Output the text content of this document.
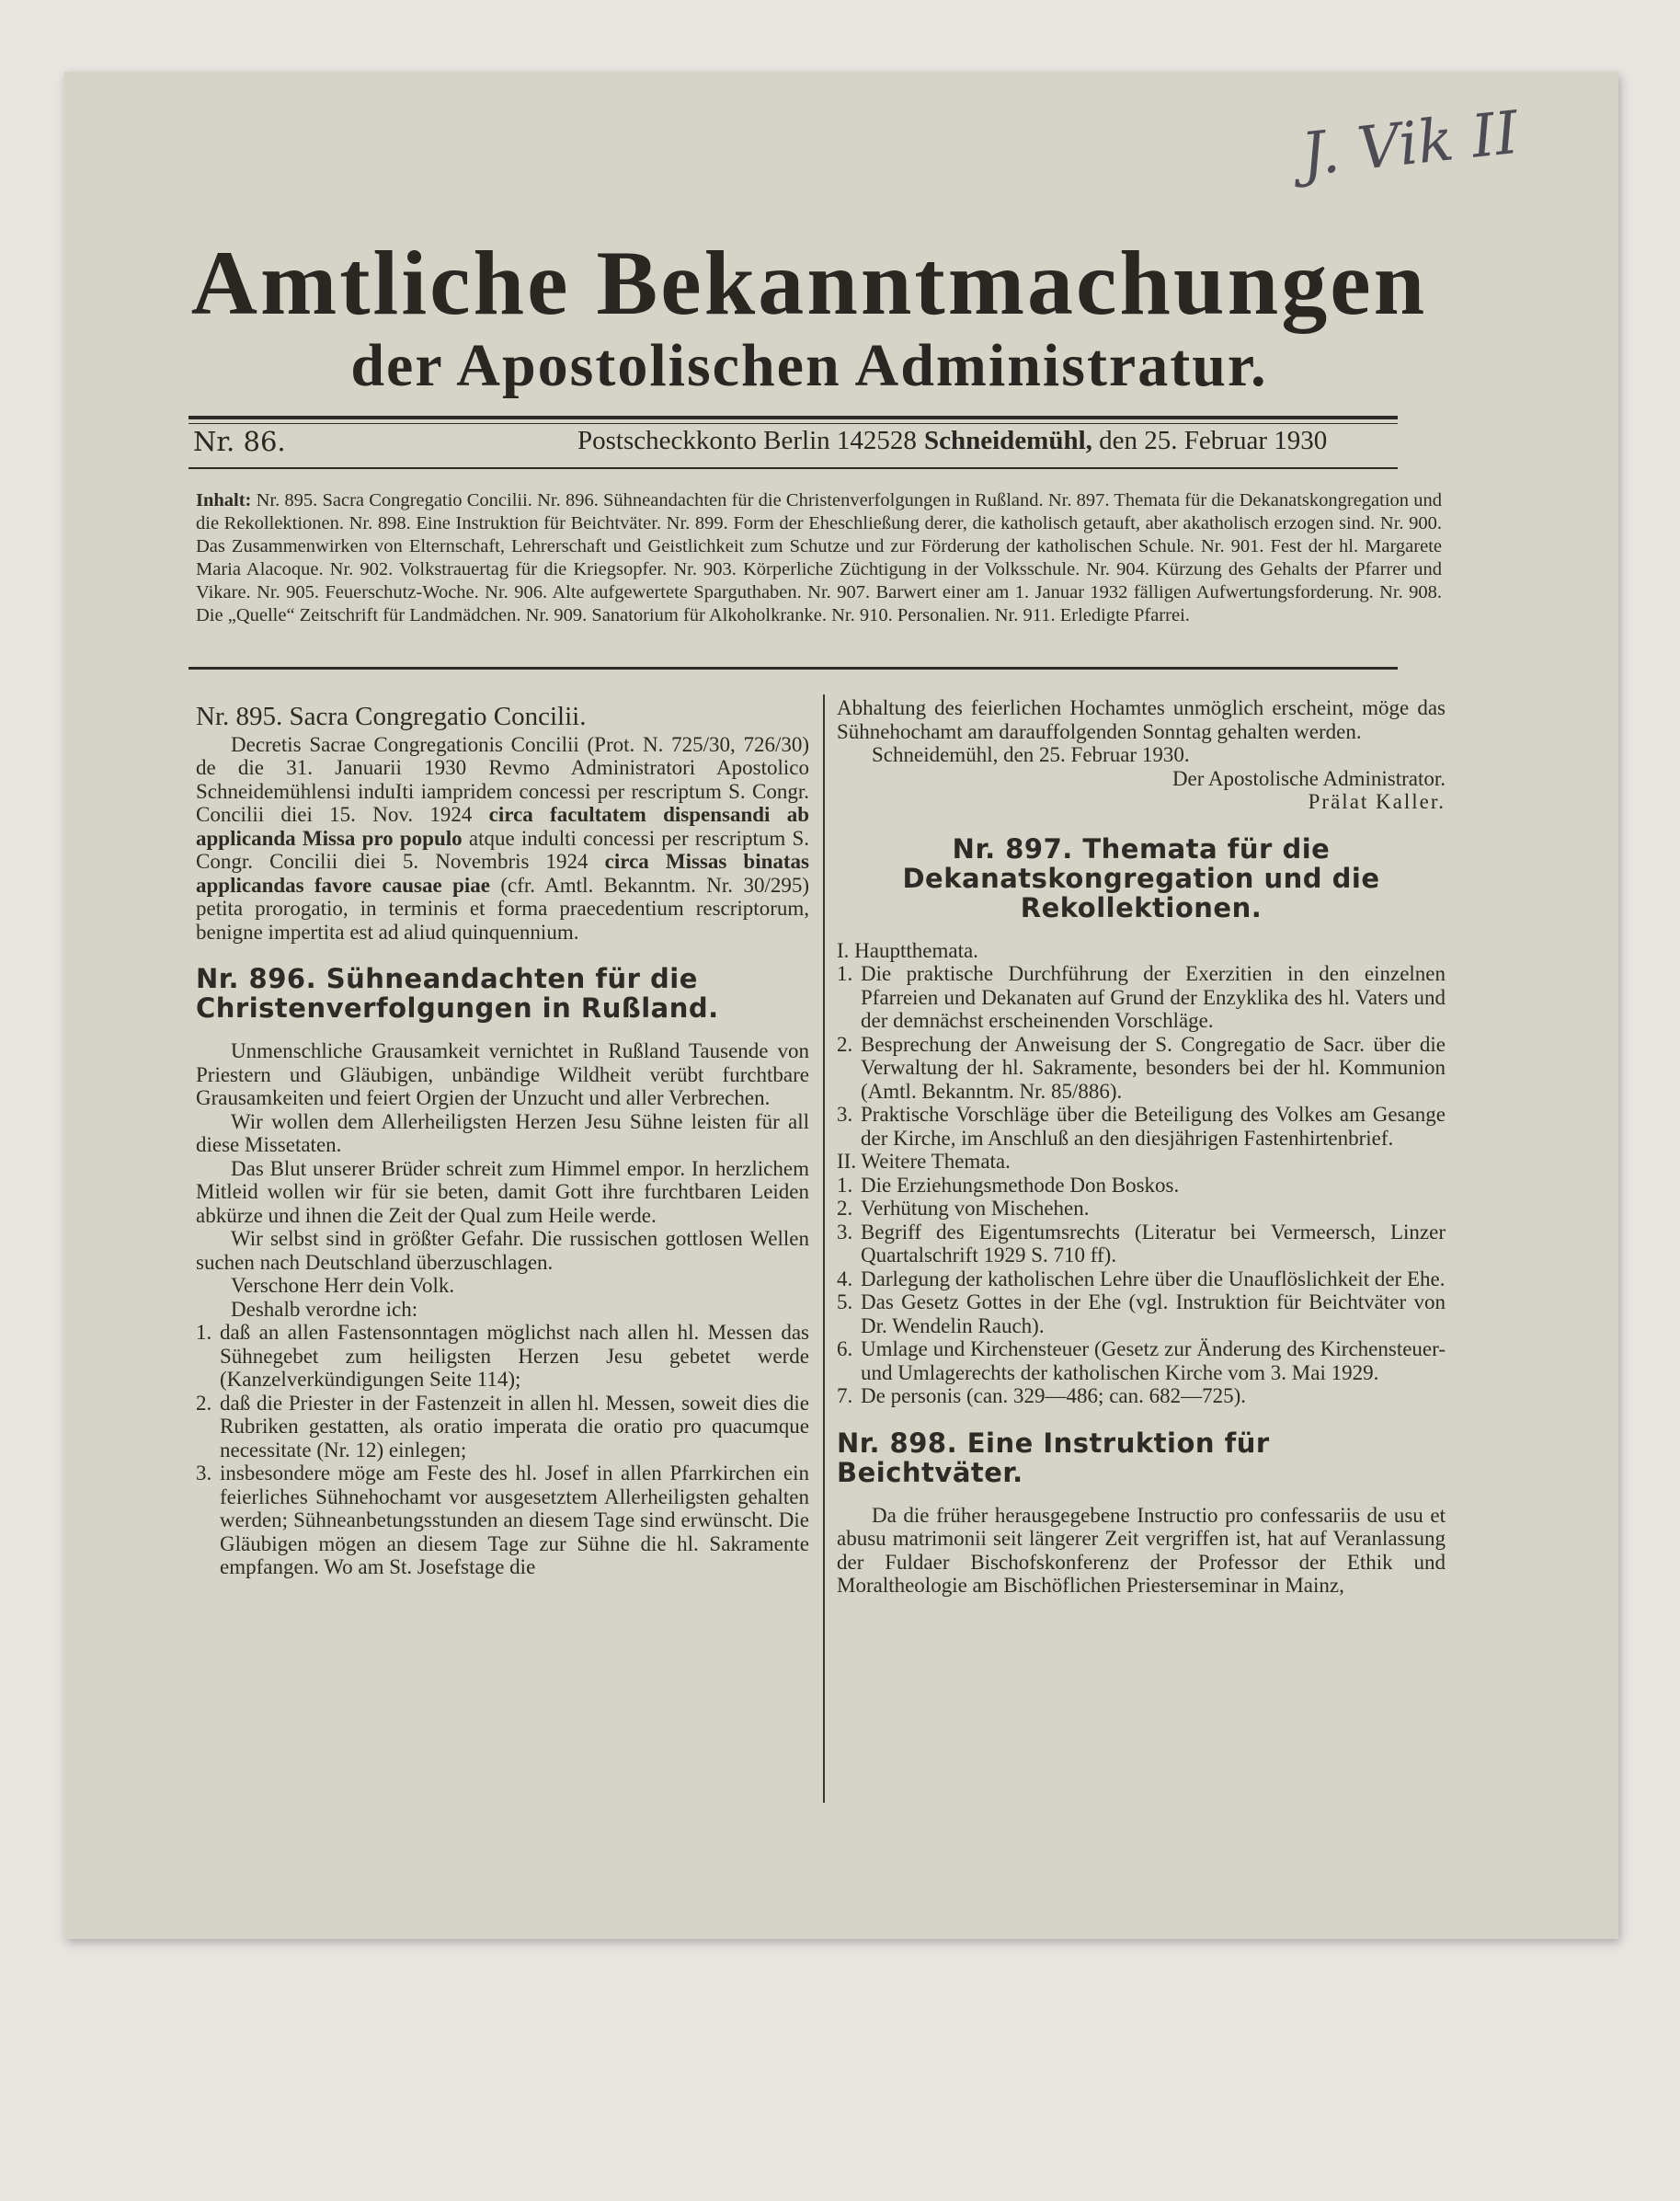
J. Vik II
Amtliche Bekanntmachungen
der Apostolischen Administratur.
Nr. 86.	Postscheckkonto Berlin 142528 Schneidemühl, den 25. Februar 1930
Inhalt: Nr. 895. Sacra Congregatio Concilii. Nr. 896. Sühneandachten für die Christenverfolgungen in Rußland. Nr. 897. Themata für die Dekanatskongregation und die Rekollektionen. Nr. 898. Eine Instruktion für Beichtväter. Nr. 899. Form der Eheschließung derer, die katholisch getauft, aber akatholisch erzogen sind. Nr. 900. Das Zusammenwirken von Elternschaft, Lehrerschaft und Geistlichkeit zum Schutze und zur Förderung der katholischen Schule. Nr. 901. Fest der hl. Margarete Maria Alacoque. Nr. 902. Volkstrauertag für die Kriegsopfer. Nr. 903. Körperliche Züchtigung in der Volksschule. Nr. 904. Kürzung des Gehalts der Pfarrer und Vikare. Nr. 905. Feuerschutz-Woche. Nr. 906. Alte aufgewertete Sparguthaben. Nr. 907. Barwert einer am 1. Januar 1932 fälligen Aufwertungsforderung. Nr. 908. Die „Quelle“ Zeitschrift für Landmädchen. Nr. 909. Sanatorium für Alkoholkranke. Nr. 910. Personalien. Nr. 911. Erledigte Pfarrei.
Nr. 895. Sacra Congregatio Concilii.

Decretis Sacrae Congregationis Concilii (Prot. N. 725/30, 726/30) de die 31. Januarii 1930 Revmo Administratori Apostolico Schneidemühlensi induIti iampridem concessi per rescriptum S. Congr. Concilii diei 15. Nov. 1924 circa facultatem dispensandi ab applicanda Missa pro populo atque indulti concessi per rescriptum S. Congr. Concilii diei 5. Novembris 1924 circa Missas binatas applicandas favore causae piae (cfr. Amtl. Bekanntm. Nr. 30/295) petita prorogatio, in terminis et forma praecedentium rescriptorum, benigne impertita est ad aliud quinquennium.

Nr. 896. Sühneandachten für die Christenverfolgungen in Rußland.

Unmenschliche Grausamkeit vernichtet in Rußland Tausende von Priestern und Gläubigen, unbändige Wildheit verübt furchtbare Grausamkeiten und feiert Orgien der Unzucht und aller Verbrechen.

Wir wollen dem Allerheiligsten Herzen Jesu Sühne leisten für all diese Missetaten.

Das Blut unserer Brüder schreit zum Himmel empor. In herzlichem Mitleid wollen wir für sie beten, damit Gott ihre furchtbaren Leiden abkürze und ihnen die Zeit der Qual zum Heile werde.

Wir selbst sind in größter Gefahr. Die russischen gottlosen Wellen suchen nach Deutschland überzuschlagen.

Verschone Herr dein Volk.

Deshalb verordne ich:

1. daß an allen Fastensonntagen möglichst nach allen hl. Messen das Sühnegebet zum heiligsten Herzen Jesu gebetet werde (Kanzelverkündigungen Seite 114);
2. daß die Priester in der Fastenzeit in allen hl. Messen, soweit dies die Rubriken gestatten, als oratio imperata die oratio pro quacumque necessitate (Nr. 12) einlegen;
3. insbesondere möge am Feste des hl. Josef in allen Pfarrkirchen ein feierliches Sühnehochamt vor ausgesetztem Allerheiligsten gehalten werden; Sühneanbetungsstunden an diesem Tage sind erwünscht. Die Gläubigen mögen an diesem Tage zur Sühne die hl. Sakramente empfangen. Wo am St. Josefstage die

Abhaltung des feierlichen Hochamtes unmöglich erscheint, möge das Sühnehochamt am darauffolgenden Sonntag gehalten werden.

Schneidemühl, den 25. Februar 1930.

Der Apostolische Administrator.

Prälat Kaller.

Nr. 897. Themata für die Dekanatskongregation und die Rekollektionen.

I. Hauptthemata.

1. Die praktische Durchführung der Exerzitien in den einzelnen Pfarreien und Dekanaten auf Grund der Enzyklika des hl. Vaters und der demnächst erscheinenden Vorschläge.
2. Besprechung der Anweisung der S. Congregatio de Sacr. über die Verwaltung der hl. Sakramente, besonders bei der hl. Kommunion (Amtl. Bekanntm. Nr. 85/886).
3. Praktische Vorschläge über die Beteiligung des Volkes am Gesange der Kirche, im Anschluß an den diesjährigen Fastenhirtenbrief.

II. Weitere Themata.

1. Die Erziehungsmethode Don Boskos.
2. Verhütung von Mischehen.
3. Begriff des Eigentumsrechts (Literatur bei Vermeersch, Linzer Quartalschrift 1929 S. 710 ff).
4. Darlegung der katholischen Lehre über die Unauflöslichkeit der Ehe.
5. Das Gesetz Gottes in der Ehe (vgl. Instruktion für Beichtväter von Dr. Wendelin Rauch).
6. Umlage und Kirchensteuer (Gesetz zur Änderung des Kirchensteuer- und Umlagerechts der katholischen Kirche vom 3. Mai 1929.
7. De personis (can. 329—486; can. 682—725).
Nr. 898. Eine Instruktion für Beichtväter.

Da die früher herausgegebene Instructio pro confessariis de usu et abusu matrimonii seit längerer Zeit vergriffen ist, hat auf Veranlassung der Fuldaer Bischofskonferenz der Professor der Ethik und Moraltheologie am Bischöflichen Priesterseminar in Mainz,
